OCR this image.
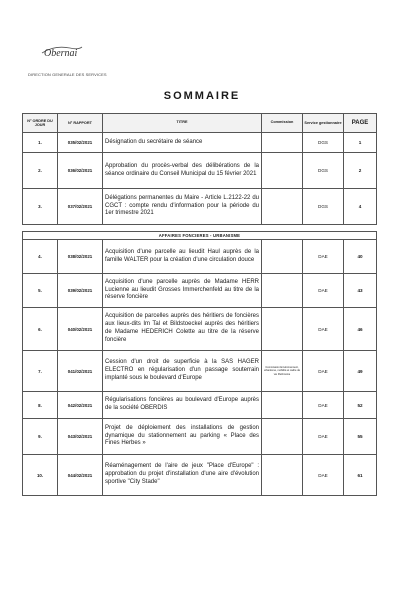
Obernai
DIRECTION GENERALE DES SERVICES
SOMMAIRE
N° ORDRE DU JOUR	N° RAPPORT	TITRE	Commission	Service gestionnaire	PAGE
1.	035/02/2021	Désignation du secrétaire de séance		DGS	1
2.	036/02/2021	Approbation du procès-verbal des délibérations de la séance ordinaire du Conseil Municipal du 15 février 2021		DGS	2
3.	037/02/2021	Délégations permanentes du Maire - Article L.2122-22 du CGCT : compte rendu d'information pour la période du 1er trimestre 2021		DGS	4

AFFAIRES FONCIERES - URBANISME					
4.	038/02/2021	Acquisition d'une parcelle au lieudit Haul auprès de la famille WALTER pour la création d'une circulation douce		DAE	40
5.	039/02/2021	Acquisition d'une parcelle auprès de Madame HERR Lucienne au lieudit Grosses Immerchenfeld au titre de la réserve foncière		DAE	43
6.	040/02/2021	Acquisition de parcelles auprès des héritiers de foncières aux lieux-dits Im Tal et Bildstoeckel auprès des héritiers de Madame HEDERICH Colette au titre de la réserve foncière		DAE	46
7.	041/02/2021	Cession d'un droit de superficie à la SAS HAGER ELECTRO en régularisation d'un passage souterrain implanté sous le boulevard d'Europe	Commission Environnement, urbanisme, mobilité et cadre de vie Patrimoine	DAE	49
8.	042/02/2021	Régularisations foncières au boulevard d'Europe auprès de la société OBERDIS		DAE	52
9.	043/02/2021	Projet de déploiement des installations de gestion dynamique du stationnement au parking « Place des Fines Herbes »		DAE	55
10.	044/02/2021	Réaménagement de l'aire de jeux "Place d'Europe" : approbation du projet d'installation d'une aire d'évolution sportive "City Stade"		DAE	61
